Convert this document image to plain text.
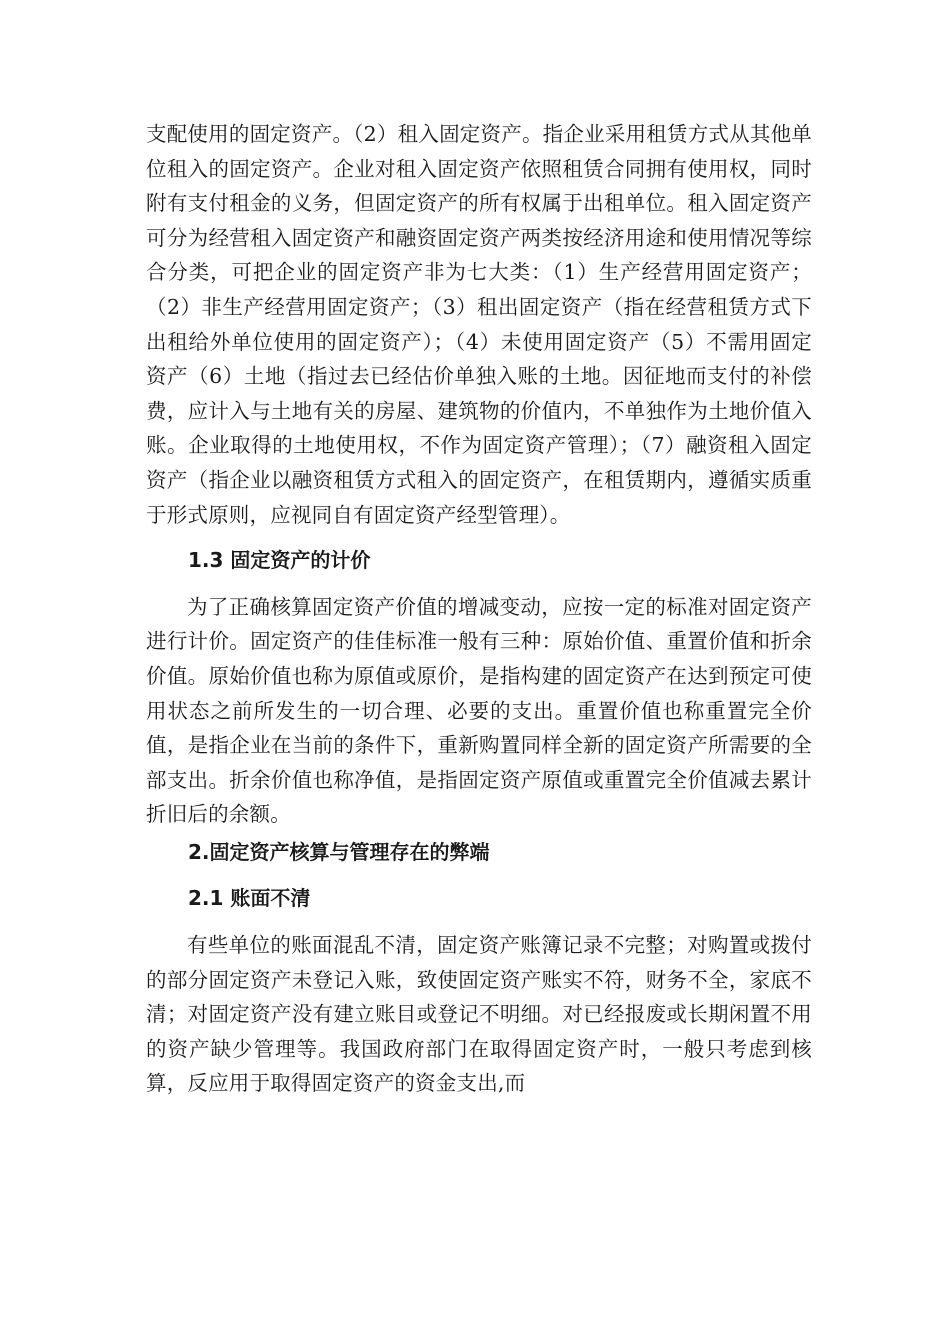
支配使用的固定资产。（2）租入固定资产。指企业采用租赁方式从其他单位租入的固定资产。企业对租入固定资产依照租赁合同拥有使用权，同时附有支付租金的义务，但固定资产的所有权属于出租单位。租入固定资产可分为经营租入固定资产和融资固定资产两类按经济用途和使用情况等综合分类，可把企业的固定资产非为七大类：（1）生产经营用固定资产；（2）非生产经营用固定资产；（3）租出固定资产（指在经营租赁方式下出租给外单位使用的固定资产）；（4）未使用固定资产（5）不需用固定资产（6）土地（指过去已经估价单独入账的土地。因征地而支付的补偿费，应计入与土地有关的房屋、建筑物的价值内，不单独作为土地价值入账。企业取得的土地使用权，不作为固定资产管理）；（7）融资租入固定资产（指企业以融资租赁方式租入的固定资产，在租赁期内，遵循实质重于形式原则，应视同自有固定资产经型管理）。

1.3 固定资产的计价

为了正确核算固定资产价值的增减变动，应按一定的标准对固定资产进行计价。固定资产的佳佳标准一般有三种：原始价值、重置价值和折余价值。原始价值也称为原值或原价，是指构建的固定资产在达到预定可使用状态之前所发生的一切合理、必要的支出。重置价值也称重置完全价值，是指企业在当前的条件下，重新购置同样全新的固定资产所需要的全部支出。折余价值也称净值，是指固定资产原值或重置完全价值减去累计折旧后的余额。

2.固定资产核算与管理存在的弊端
2.1 账面不清

有些单位的账面混乱不清，固定资产账簿记录不完整；对购置或拨付的部分固定资产未登记入账，致使固定资产账实不符，财务不全，家底不清；对固定资产没有建立账目或登记不明细。对已经报废或长期闲置不用的资产缺少管理等。我国政府部门在取得固定资产时，一般只考虑到核算，反应用于取得固定资产的资金支出,而
